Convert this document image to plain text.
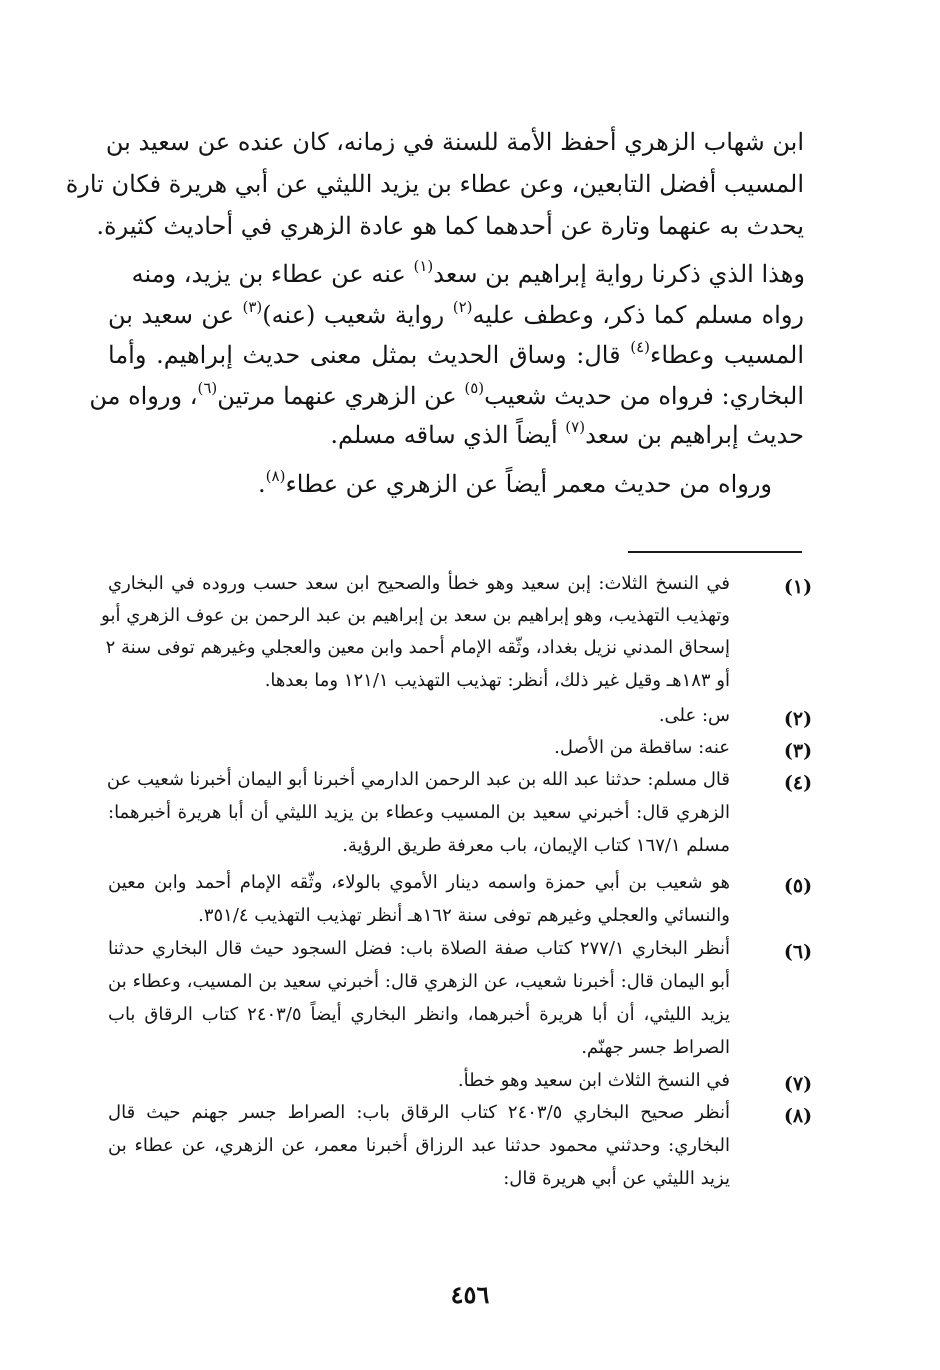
ابن شهاب الزهري أحفظ الأمة للسنة في زمانه، كان عنده عن سعيد بن

المسيب أفضل التابعين، وعن عطاء بن يزيد الليثي عن أبي هريرة فكان تارة

يحدث به عنهما وتارة عن أحدهما كما هو عادة الزهري في أحاديث كثيرة.

وهذا الذي ذكرنا رواية إبراهيم بن سعد$^{(١)}$ عنه عن عطاء بن يزيد، ومنه

رواه مسلم كما ذكر، وعطف عليه$^{(٢)}$ رواية شعيب (عنه)$^{(٣)}$ عن سعيد بن

المسيب وعطاء$^{(٤)}$ قال: وساق الحديث بمثل معنى حديث إبراهيم. وأما

البخاري: فرواه من حديث شعيب$^{(٥)}$ عن الزهري عنهما مرتين$^{(٦)}$، ورواه من

حديث إبراهيم بن سعد$^{(٧)}$ أيضاً الذي ساقه مسلم.

ورواه من حديث معمر أيضاً عن الزهري عن عطاء$^{(٨)}$.

(١)

في النسخ الثلاث: إبن سعيد وهو خطأ والصحيح ابن سعد حسب وروده في البخاري

وتهذيب التهذيب، وهو إبراهيم بن سعد بن إبراهيم بن عبد الرحمن بن عوف الزهري أبو

إسحاق المدني نزيل بغداد، وثّقه الإمام أحمد وابن معين والعجلي وغيرهم توفى سنة ٢

أو ١٨٣هـ وقيل غير ذلك، أنظر: تهذيب التهذيب ١٢١/١ وما بعدها.

(٢)

س: على.

(٣)

عنه: ساقطة من الأصل.

(٤)

قال مسلم: حدثنا عبد الله بن عبد الرحمن الدارمي أخبرنا أبو اليمان أخبرنا شعيب عن

الزهري قال: أخبرني سعيد بن المسيب وعطاء بن يزيد الليثي أن أبا هريرة أخبرهما:

مسلم ١٦٧/١ كتاب الإيمان، باب معرفة طريق الرؤية.

(٥)

هو شعيب بن أبي حمزة واسمه دينار الأموي بالولاء، وثّقه الإمام أحمد وابن معين

والنسائي والعجلي وغيرهم توفى سنة ١٦٢هـ أنظر تهذيب التهذيب ٣٥١/٤.

(٦)

أنظر البخاري ٢٧٧/١ كتاب صفة الصلاة باب: فضل السجود حيث قال البخاري حدثنا

أبو اليمان قال: أخبرنا شعيب، عن الزهري قال: أخبرني سعيد بن المسيب، وعطاء بن

يزيد الليثي، أن أبا هريرة أخبرهما، وانظر البخاري أيضاً ٢٤٠٣/٥ كتاب الرقاق باب

الصراط جسر جهنّم.

(٧)

في النسخ الثلاث ابن سعيد وهو خطأ.

(٨)

أنظر صحيح البخاري ٢٤٠٣/٥ كتاب الرقاق باب: الصراط جسر جهنم حيث قال

البخاري: وحدثني محمود حدثنا عبد الرزاق أخبرنا معمر، عن الزهري، عن عطاء بن

يزيد الليثي عن أبي هريرة قال:

٤٥٦
